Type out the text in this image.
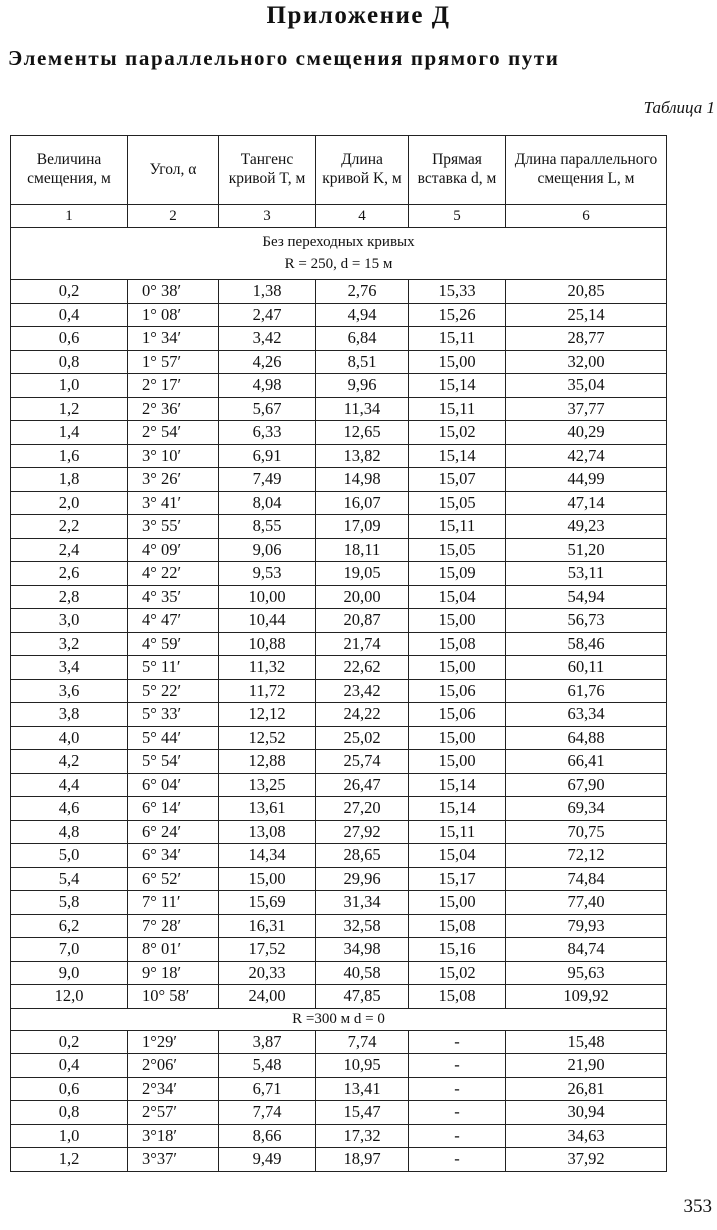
Приложение Д
Элементы параллельного смещения прямого пути
Таблица 1
Величина смещения, м	Угол, α	Тангенс кривой T, м	Длина кривой K, м	Прямая вставка d, м	Длина параллельного смещения L, м
1	2	3	4	5	6

Без переходных кривых
R = 250, d = 15 м					

0,2	0° 38′	1,38	2,76	15,33	20,85
0,4	1° 08′	2,47	4,94	15,26	25,14
0,6	1° 34′	3,42	6,84	15,11	28,77
0,8	1° 57′	4,26	8,51	15,00	32,00
1,0	2° 17′	4,98	9,96	15,14	35,04
1,2	2° 36′	5,67	11,34	15,11	37,77
1,4	2° 54′	6,33	12,65	15,02	40,29
1,6	3° 10′	6,91	13,82	15,14	42,74
1,8	3° 26′	7,49	14,98	15,07	44,99
2,0	3° 41′	8,04	16,07	15,05	47,14
2,2	3° 55′	8,55	17,09	15,11	49,23
2,4	4° 09′	9,06	18,11	15,05	51,20
2,6	4° 22′	9,53	19,05	15,09	53,11
2,8	4° 35′	10,00	20,00	15,04	54,94
3,0	4° 47′	10,44	20,87	15,00	56,73
3,2	4° 59′	10,88	21,74	15,08	58,46
3,4	5° 11′	11,32	22,62	15,00	60,11
3,6	5° 22′	11,72	23,42	15,06	61,76
3,8	5° 33′	12,12	24,22	15,06	63,34
4,0	5° 44′	12,52	25,02	15,00	64,88
4,2	5° 54′	12,88	25,74	15,00	66,41
4,4	6° 04′	13,25	26,47	15,14	67,90
4,6	6° 14′	13,61	27,20	15,14	69,34
4,8	6° 24′	13,08	27,92	15,11	70,75
5,0	6° 34′	14,34	28,65	15,04	72,12
5,4	6° 52′	15,00	29,96	15,17	74,84
5,8	7° 11′	15,69	31,34	15,00	77,40
6,2	7° 28′	16,31	32,58	15,08	79,93
7,0	8° 01′	17,52	34,98	15,16	84,74
9,0	9° 18′	20,33	40,58	15,02	95,63
12,0	10° 58′	24,00	47,85	15,08	109,92

R =300 м d = 0					

0,2	1°29′	3,87	7,74	-	15,48
0,4	2°06′	5,48	10,95	-	21,90
0,6	2°34′	6,71	13,41	-	26,81
0,8	2°57′	7,74	15,47	-	30,94
1,0	3°18′	8,66	17,32	-	34,63
1,2	3°37′	9,49	18,97	-	37,92
353
